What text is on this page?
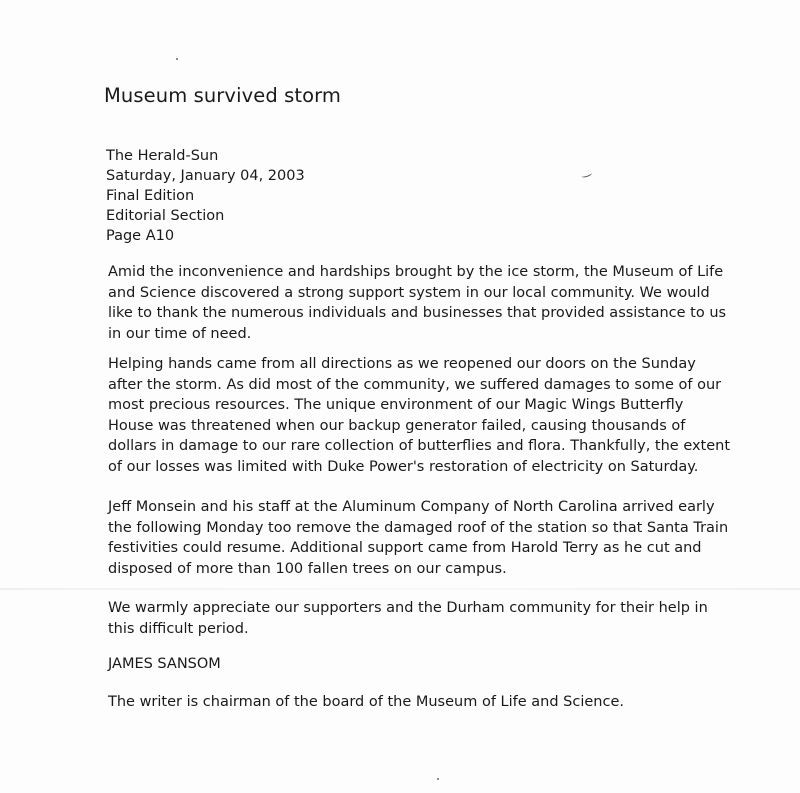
Museum survived storm
The Herald-Sun
Saturday, January 04, 2003
Final Edition
Editorial Section
Page A10
Amid the inconvenience and hardships brought by the ice storm, the Museum of Life
and Science discovered a strong support system in our local community. We would
like to thank the numerous individuals and businesses that provided assistance to us
in our time of need.
Helping hands came from all directions as we reopened our doors on the Sunday
after the storm. As did most of the community, we suffered damages to some of our
most precious resources. The unique environment of our Magic Wings Butterfly
House was threatened when our backup generator failed, causing thousands of
dollars in damage to our rare collection of butterflies and flora. Thankfully, the extent
of our losses was limited with Duke Power's restoration of electricity on Saturday.
Jeff Monsein and his staff at the Aluminum Company of North Carolina arrived early
the following Monday too remove the damaged roof of the station so that Santa Train
festivities could resume. Additional support came from Harold Terry as he cut and
disposed of more than 100 fallen trees on our campus.
We warmly appreciate our supporters and the Durham community for their help in
this difficult period.
JAMES SANSOM
The writer is chairman of the board of the Museum of Life and Science.
